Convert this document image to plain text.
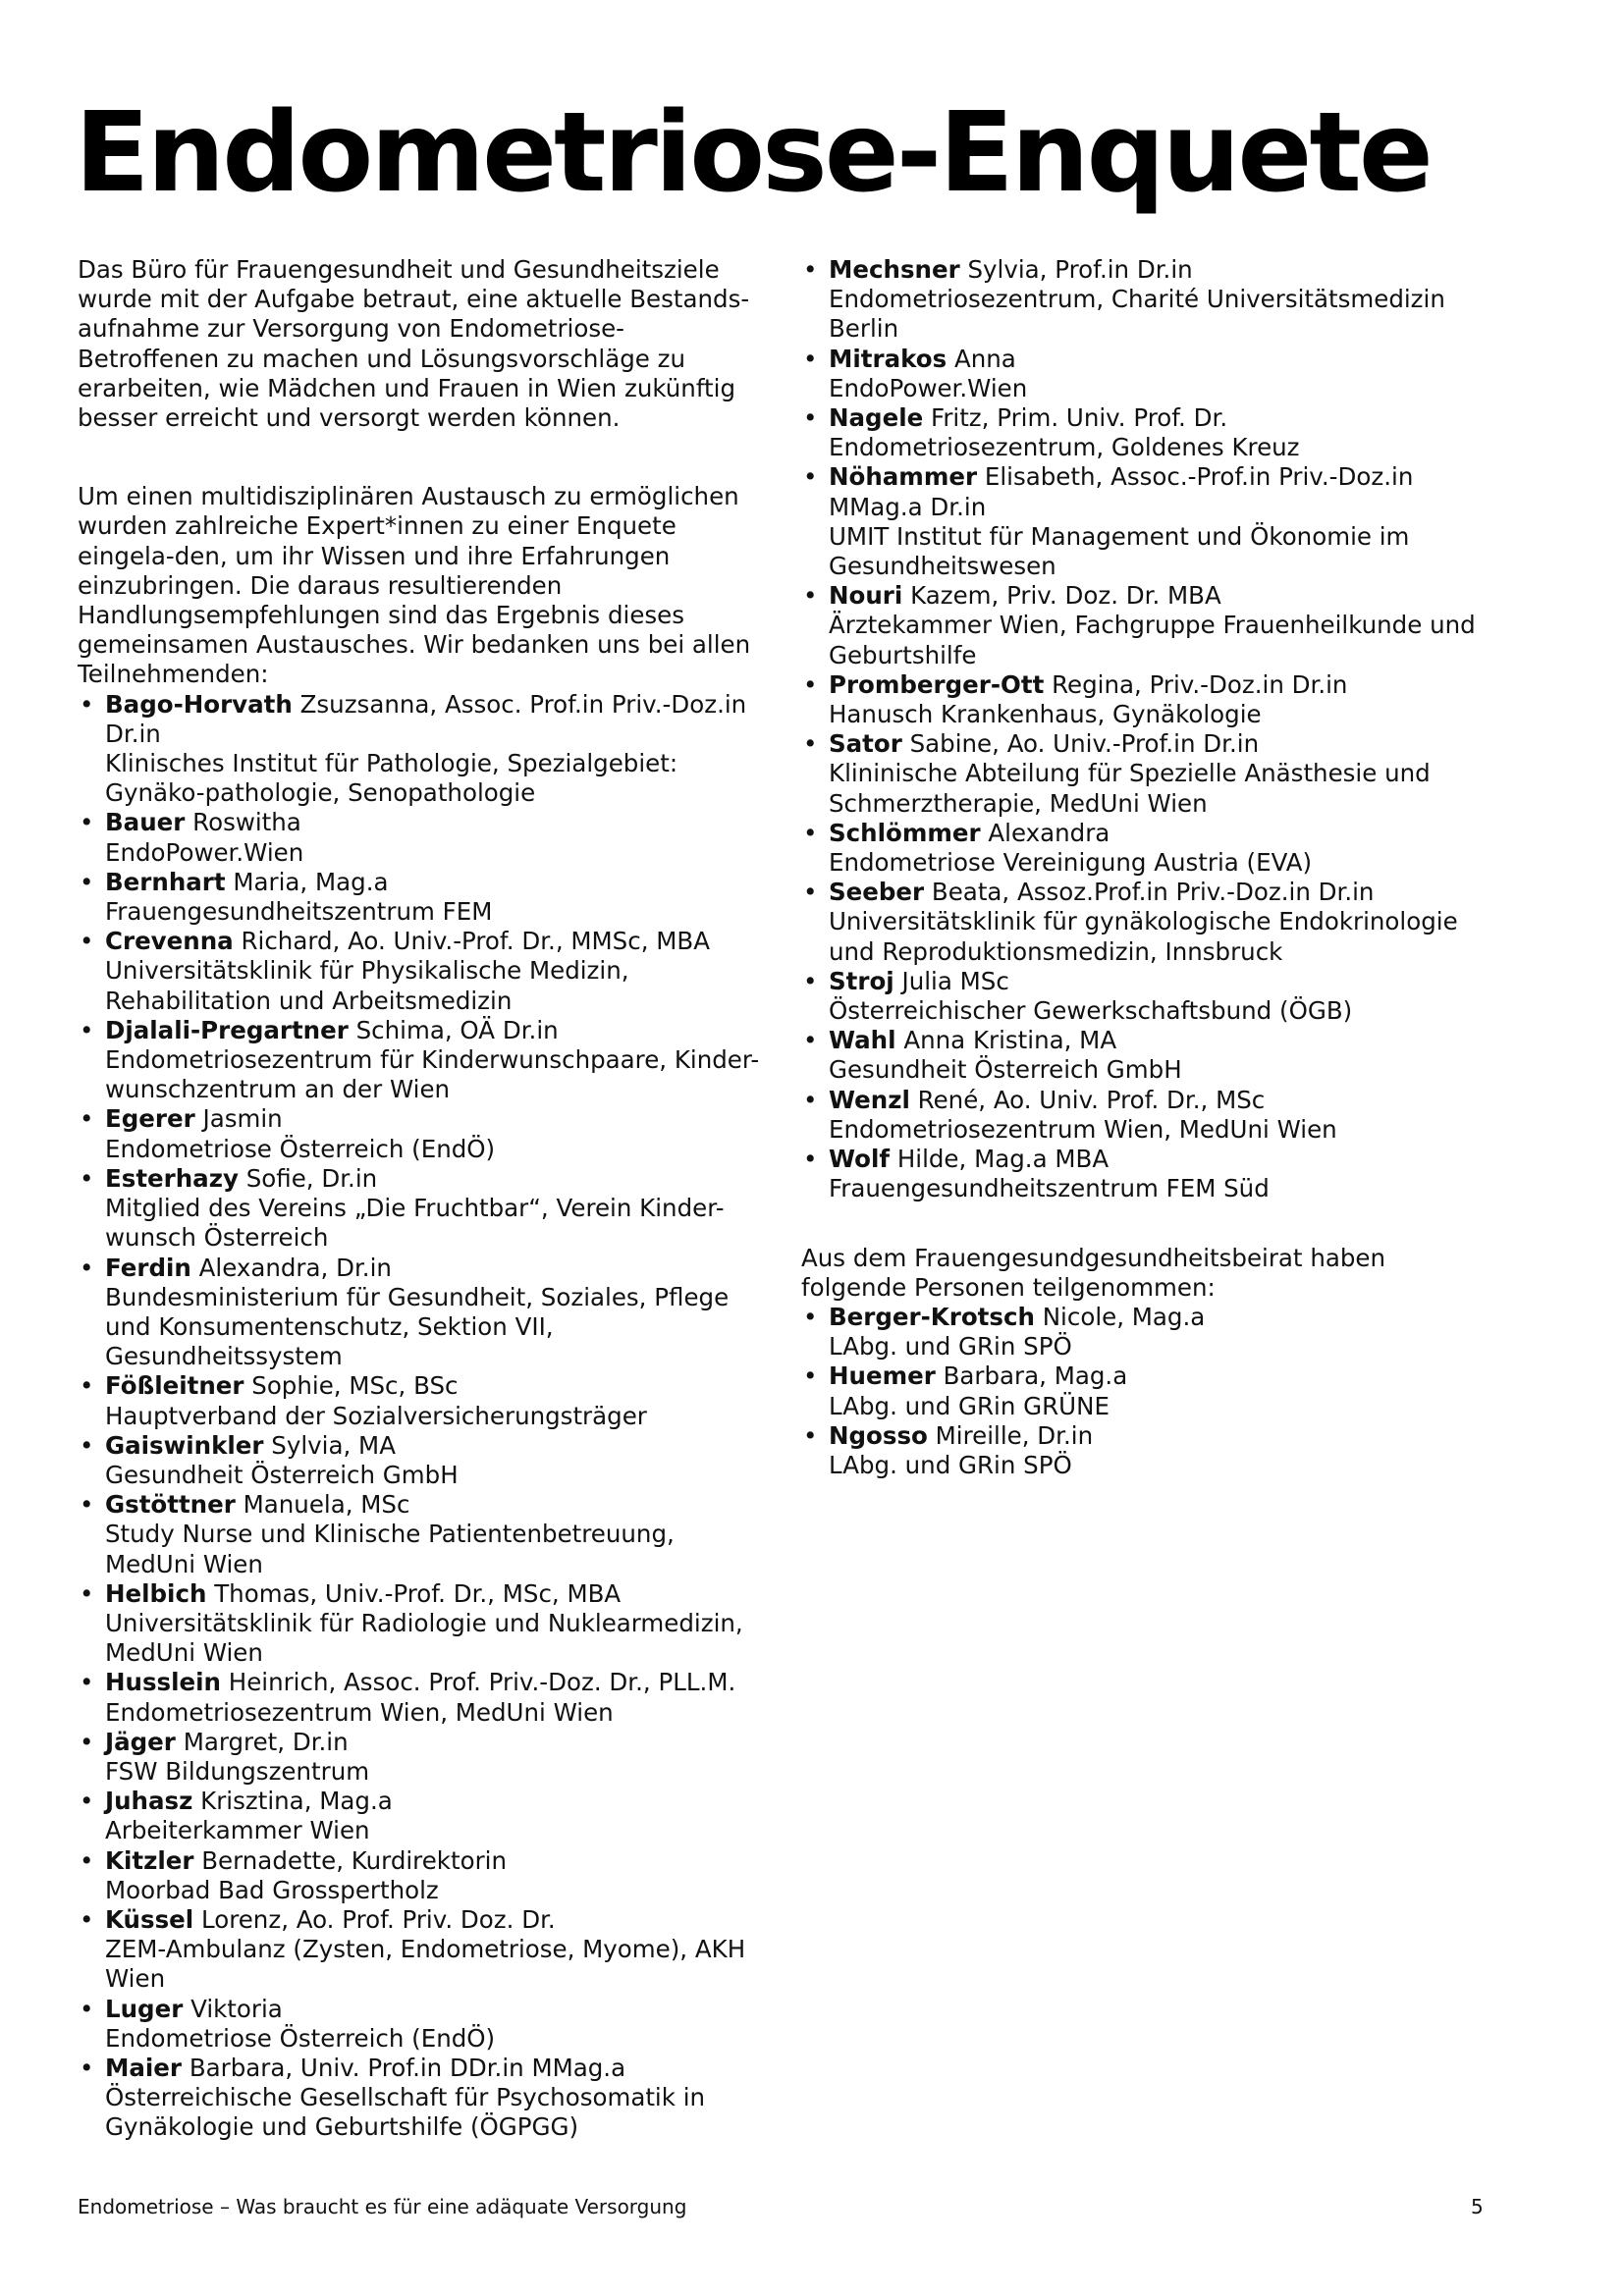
Endometriose-Enquete

Das Büro für Frauengesundheit und Gesundheitsziele wurde mit der Aufgabe betraut, eine aktuelle Bestands-aufnahme zur Versorgung von Endometriose-Betroffenen zu machen und Lösungsvorschläge zu erarbeiten, wie Mädchen und Frauen in Wien zukünftig besser erreicht und versorgt werden können.

Um einen multidisziplinären Austausch zu ermöglichen wurden zahlreiche Expert*innen zu einer Enquete eingela-den, um ihr Wissen und ihre Erfahrungen einzubringen. Die daraus resultierenden Handlungsempfehlungen sind das Ergebnis dieses gemeinsamen Austausches. Wir bedanken uns bei allen Teilnehmenden:

• Bago-Horvath Zsuzsanna, Assoc. Prof.in Priv.-Doz.in Dr.in
Klinisches Institut für Pathologie, Spezialgebiet: Gynäko-pathologie, Senopathologie
• Bauer Roswitha
EndoPower.Wien
• Bernhart Maria, Mag.a
Frauengesundheitszentrum FEM
• Crevenna Richard, Ao. Univ.-Prof. Dr., MMSc, MBA
Universitätsklinik für Physikalische Medizin, Rehabilitation und Arbeitsmedizin
• Djalali-Pregartner Schima, OÄ Dr.in
Endometriosezentrum für Kinderwunschpaare, Kinder-wunschzentrum an der Wien
• Egerer Jasmin
Endometriose Österreich (EndÖ)
• Esterhazy Sofie, Dr.in
Mitglied des Vereins „Die Fruchtbar“, Verein Kinder-wunsch Österreich
• Ferdin Alexandra, Dr.in
Bundesministerium für Gesundheit, Soziales, Pflege und Konsumentenschutz, Sektion VII, Gesundheitssystem
• Fößleitner Sophie, MSc, BSc
Hauptverband der Sozialversicherungsträger
• Gaiswinkler Sylvia, MA
Gesundheit Österreich GmbH
• Gstöttner Manuela, MSc
Study Nurse und Klinische Patientenbetreuung, MedUni Wien
• Helbich Thomas, Univ.-Prof. Dr., MSc, MBA
Universitätsklinik für Radiologie und Nuklearmedizin, MedUni Wien
• Husslein Heinrich, Assoc. Prof. Priv.-Doz. Dr., PLL.M.
Endometriosezentrum Wien, MedUni Wien
• Jäger Margret, Dr.in
FSW Bildungszentrum
• Juhasz Krisztina, Mag.a
Arbeiterkammer Wien
• Kitzler Bernadette, Kurdirektorin
Moorbad Bad Grosspertholz
• Küssel Lorenz, Ao. Prof. Priv. Doz. Dr.
ZEM-Ambulanz (Zysten, Endometriose, Myome), AKH Wien
• Luger Viktoria
Endometriose Österreich (EndÖ)
• Maier Barbara, Univ. Prof.in DDr.in MMag.a
Österreichische Gesellschaft für Psychosomatik in Gynäkologie und Geburtshilfe (ÖGPGG)
• Mechsner Sylvia, Prof.in Dr.in
Endometriosezentrum, Charité Universitätsmedizin Berlin
• Mitrakos Anna
EndoPower.Wien
• Nagele Fritz, Prim. Univ. Prof. Dr.
Endometriosezentrum, Goldenes Kreuz
• Nöhammer Elisabeth, Assoc.-Prof.in Priv.-Doz.in MMag.a Dr.in
UMIT Institut für Management und Ökonomie im Gesundheitswesen
• Nouri Kazem, Priv. Doz. Dr. MBA
Ärztekammer Wien, Fachgruppe Frauenheilkunde und Geburtshilfe
• Promberger-Ott Regina, Priv.-Doz.in Dr.in
Hanusch Krankenhaus, Gynäkologie
• Sator Sabine, Ao. Univ.-Prof.in Dr.in
Klininische Abteilung für Spezielle Anästhesie und Schmerztherapie, MedUni Wien
• Schlömmer Alexandra
Endometriose Vereinigung Austria (EVA)
• Seeber Beata, Assoz.Prof.in Priv.-Doz.in Dr.in
Universitätsklinik für gynäkologische Endokrinologie und Reproduktionsmedizin, Innsbruck
• Stroj Julia MSc
Österreichischer Gewerkschaftsbund (ÖGB)
• Wahl Anna Kristina, MA
Gesundheit Österreich GmbH
• Wenzl René, Ao. Univ. Prof. Dr., MSc
Endometriosezentrum Wien, MedUni Wien
• Wolf Hilde, Mag.a MBA
Frauengesundheitszentrum FEM Süd

Aus dem Frauengesundgesundheitsbeirat haben folgende Personen teilgenommen:

• Berger-Krotsch Nicole, Mag.a
LAbg. und GRin SPÖ
• Huemer Barbara, Mag.a
LAbg. und GRin GRÜNE
• Ngosso Mireille, Dr.in
LAbg. und GRin SPÖ
Endometriose – Was braucht es für eine adäquate Versorgung	5
